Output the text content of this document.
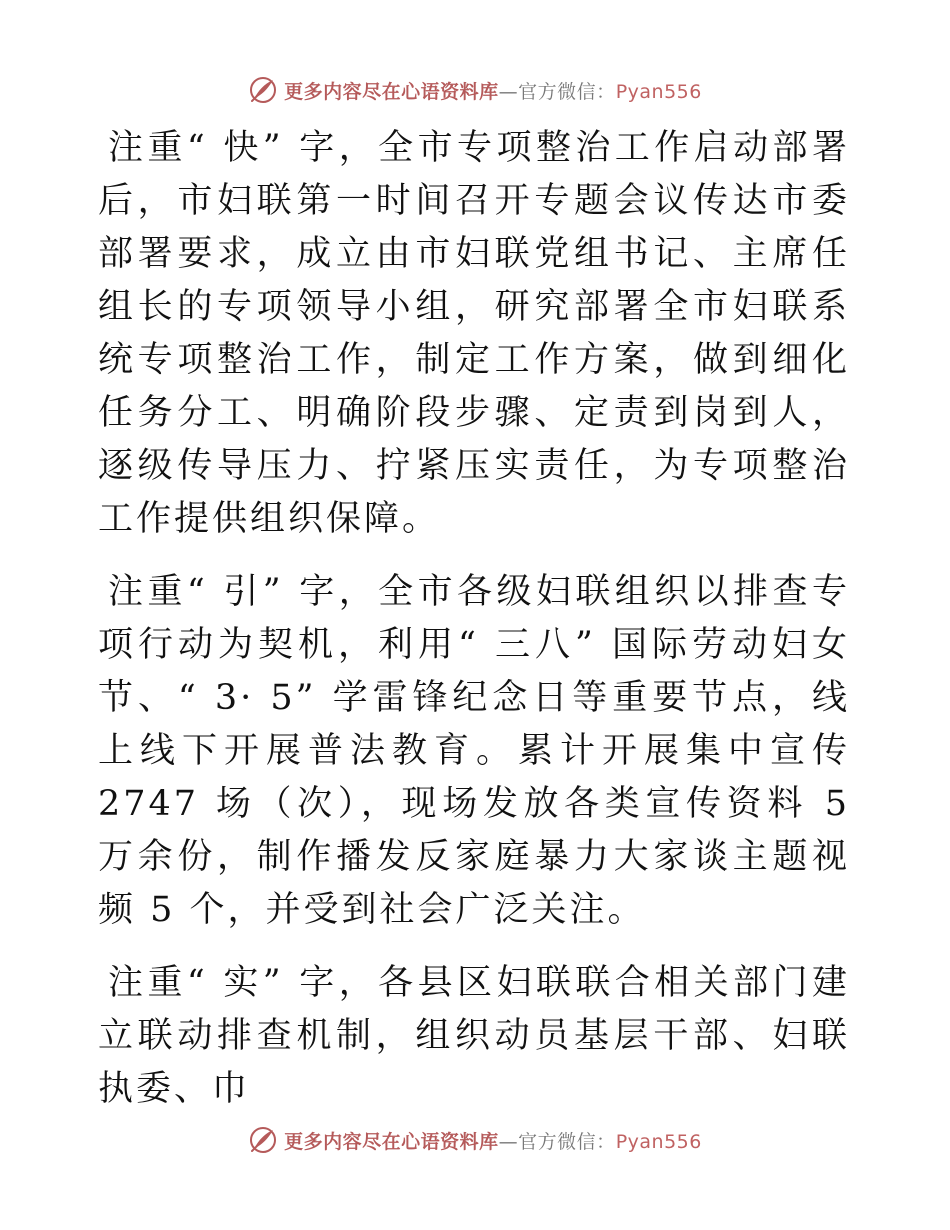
更多内容尽在心语资料库—官方微信：Pyan556

注重“ 快” 字，全市专项整治工作启动部署后，市妇联第一时间召开专题会议传达市委部署要求，成立由市妇联党组书记、主席任组长的专项领导小组，研究部署全市妇联系统专项整治工作，制定工作方案，做到细化任务分工、明确阶段步骤、定责到岗到人，逐级传导压力、拧紧压实责任，为专项整治工作提供组织保障。

注重“ 引” 字，全市各级妇联组织以排查专项行动为契机，利用“ 三八” 国际劳动妇女节、“ 3· 5” 学雷锋纪念日等重要节点，线上线下开展普法教育。累计开展集中宣传 2747 场（次），现场发放各类宣传资料 5 万余份，制作播发反家庭暴力大家谈主题视频 5 个，并受到社会广泛关注。

注重“ 实” 字，各县区妇联联合相关部门建立联动排查机制，组织动员基层干部、妇联执委、巾

更多内容尽在心语资料库—官方微信：Pyan556
